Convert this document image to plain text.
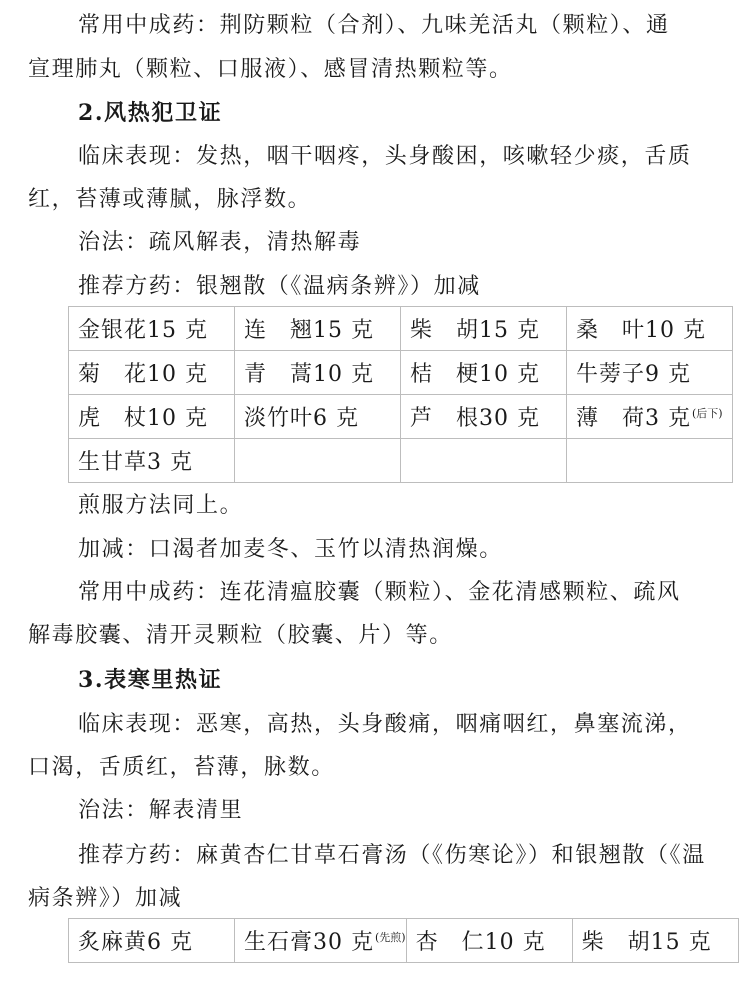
常用中成药：荆防颗粒（合剂）、九味羌活丸（颗粒）、通
宣理肺丸（颗粒、口服液）、感冒清热颗粒等。
2.风热犯卫证
临床表现：发热，咽干咽疼，头身酸困，咳嗽轻少痰，舌质
红，苔薄或薄腻，脉浮数。
治法：疏风解表，清热解毒
推荐方药：银翘散（《温病条辨》）加减
金银花15 克	连　翘15 克	柴　胡15 克	桑　叶10 克
菊　花10 克	青　蒿10 克	桔　梗10 克	牛蒡子9 克
虎　杖10 克	淡竹叶6 克	芦　根30 克	薄　荷3 克$^{(后下)}$
生甘草3 克			
煎服方法同上。
加减：口渴者加麦冬、玉竹以清热润燥。
常用中成药：连花清瘟胶囊（颗粒）、金花清感颗粒、疏风
解毒胶囊、清开灵颗粒（胶囊、片）等。
3.表寒里热证
临床表现：恶寒，高热，头身酸痛，咽痛咽红，鼻塞流涕，
口渴，舌质红，苔薄，脉数。
治法：解表清里
推荐方药：麻黄杏仁甘草石膏汤（《伤寒论》）和银翘散（《温
病条辨》）加减
炙麻黄6 克	生石膏30 克$^{(先煎)}$	杏　仁10 克	柴　胡15 克
